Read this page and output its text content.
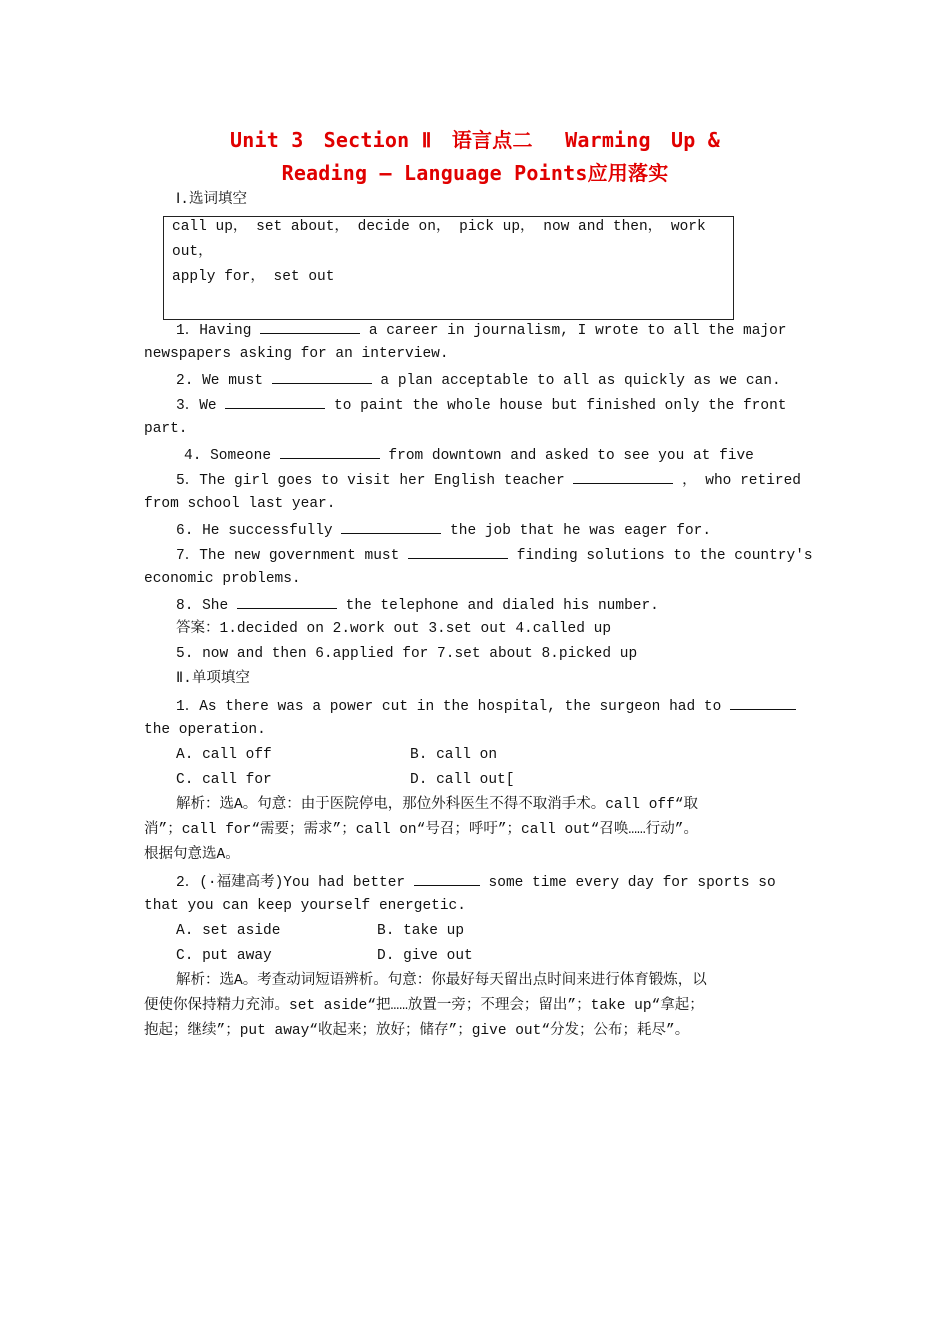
Unit 3　Section Ⅱ　语言点二　 Warming　Up &
Reading — Language Points应用落实
Ⅰ.选词填空
call up， set about， decide on， pick up， now and then， work
out，
apply for， set out
1．Having	a career in journalism, I wrote to all the major
newspapers asking for an interview.
2. We must	a plan acceptable to all as quickly as we can.
3．We	to paint the whole house but finished only the front
part.
4. Someone	from downtown and asked to see you at five
5．The girl goes to visit her English teacher	， who retired
from school last year.
6. He successfully	the job that he was eager for.
7．The new government must	finding solutions to the country's
economic problems.
8. She	the telephone and dialed his number.
答案：1.decided on 2.work out 3.set out 4.called up
5. now and then 6.applied for 7.set about 8.picked up
Ⅱ.单项填空
1．As there was a power cut in the hospital, the surgeon had to
the operation.
A. call off	B. call on
C. call for	D. call out[
解析：选A。句意：由于医院停电，那位外科医生不得不取消手术。call off“取
消”；call for“需要；需求”；call on“号召；呼吁”；call out“召唤……行动”。
根据句意选A。
2．(·福建高考)You had better	some time every day for sports so
that you can keep yourself energetic.
A. set aside	B. take up
C. put away	D. give out
解析：选A。考查动词短语辨析。句意：你最好每天留出点时间来进行体育锻炼，以
便使你保持精力充沛。set aside“把……放置一旁；不理会；留出”；take up“拿起；
抱起；继续”；put away“收起来；放好；储存”；give out“分发；公布；耗尽”。
